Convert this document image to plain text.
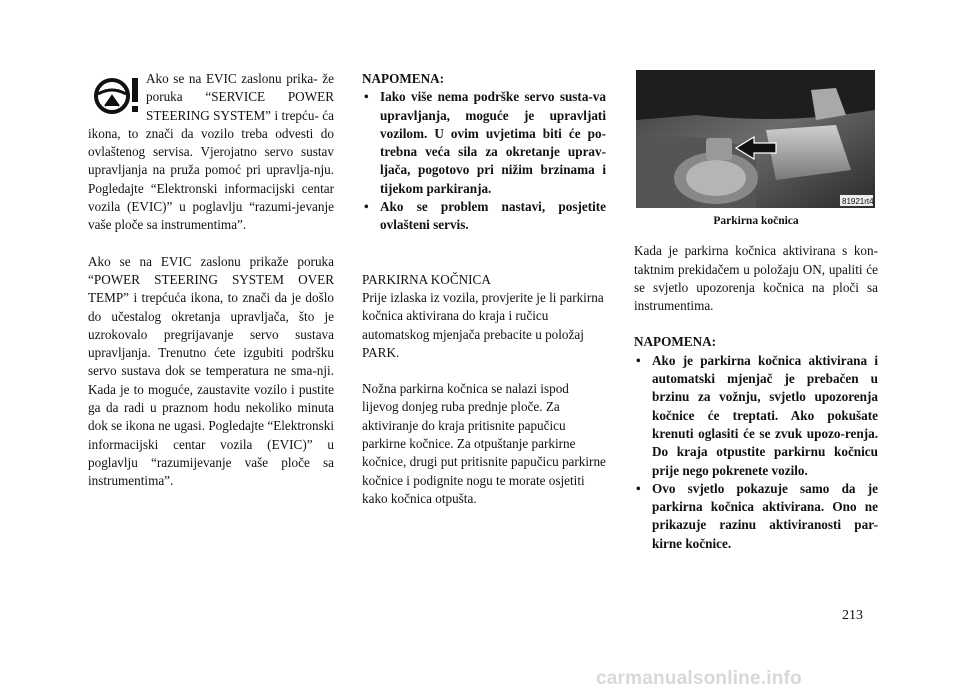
Ako se na EVIC zaslonu prika- že poruka “SERVICE POWER STEERING SYSTEM” i trepću- ća ikona, to znači da vozilo treba odvesti do ovlaštenog servisa. Vjerojatno servo sustav upravljanja na pruža pomoć pri upravlja-nju. Pogledajte “Elektronski informacijski centar vozila (EVIC)” u poglavlju “razumi-jevanje vaše ploče sa instrumentima”.

Ako se na EVIC zaslonu prikaže poruka “POWER STEERING SYSTEM OVER TEMP” i trepćuća ikona, to znači da je došlo do učestalog okretanja upravljača, što je uzrokovalo pregrijavanje servo sustava upravljanja. Trenutno ćete izgubiti podršku servo sustava dok se temperatura ne sma-nji. Kada je to moguće, zaustavite vozilo i pustite ga da radi u praznom hodu nekoliko minuta dok se ikona ne ugasi. Pogledajte “Elektronski informacijski centar vozila (EVIC)” u poglavlju “razumijevanje vaše ploče sa instrumentima”.

NAPOMENA:

• Iako više nema podrške servo susta-va upravljanja, moguće je upravljati vozilom. U ovim uvjetima biti će po-trebna veća sila za okretanje uprav-ljača, pogotovo pri nižim brzinama i tijekom parkiranja.
• Ako se problem nastavi, posjetite ovlašteni servis.

PARKIRNA KOČNICA

Prije izlaska iz vozila, provjerite je li parkirna kočnica aktivirana do kraja i ručicu automatskog mjenjača prebacite u položaj PARK.

Nožna parkirna kočnica se nalazi ispod lijevog donjeg ruba prednje ploče. Za aktiviranje do kraja pritisnite papučicu parkirne kočnice. Za otpuštanje parkirne kočnice, drugi put pritisnite papučicu parkirne kočnice i podignite nogu te morate osjetiti kako kočnica otpušta.

81921rt4

Parkirna kočnica

Kada je parkirna kočnica aktivirana s kon-taktnim prekidačem u položaju ON, upaliti će se svjetlo upozorenja kočnica na ploči sa instrumentima.

NAPOMENA:

• Ako je parkirna kočnica aktivirana i automatski mjenjač je prebačen u brzinu za vožnju, svjetlo upozorenja kočnice će treptati. Ako pokušate krenuti oglasiti će se zvuk upozo-renja. Do kraja otpustite parkirnu kočnicu prije nego pokrenete vozilo.
• Ovo svjetlo pokazuje samo da je parkirna kočnica aktivirana. Ono ne prikazuje razinu aktiviranosti par-kirne kočnice.
213
carmanualsonline.info
